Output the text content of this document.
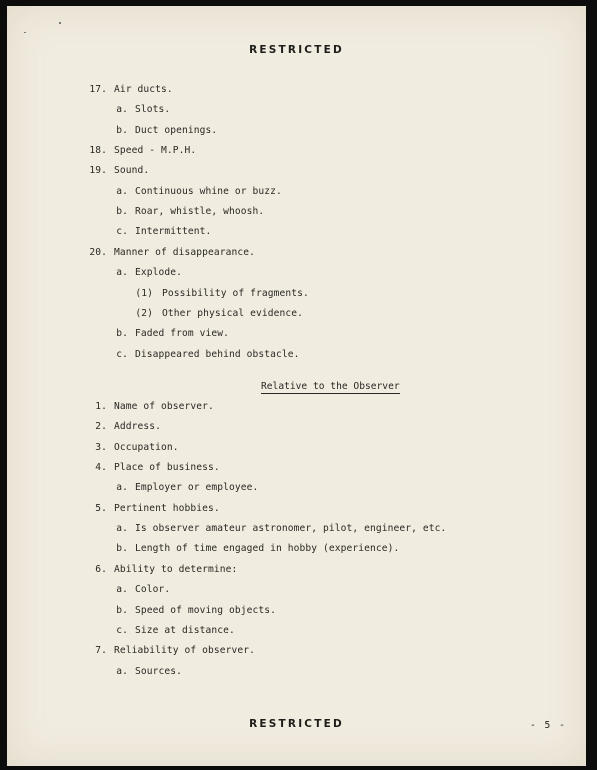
RESTRICTED
17. Air ducts.
a. Slots.
b. Duct openings.
18. Speed - M.P.H.
19. Sound.
a. Continuous whine or buzz.
b. Roar, whistle, whoosh.
c. Intermittent.
20. Manner of disappearance.
a. Explode.
(1) Possibility of fragments.
(2) Other physical evidence.
b. Faded from view.
c. Disappeared behind obstacle.
Relative to the Observer
1. Name of observer.
2. Address.
3. Occupation.
4. Place of business.
a. Employer or employee.
5. Pertinent hobbies.
a. Is observer amateur astronomer, pilot, engineer, etc.
b. Length of time engaged in hobby (experience).
6. Ability to determine:
a. Color.
b. Speed of moving objects.
c. Size at distance.
7. Reliability of observer.
a. Sources.
RESTRICTED	- 5 -
